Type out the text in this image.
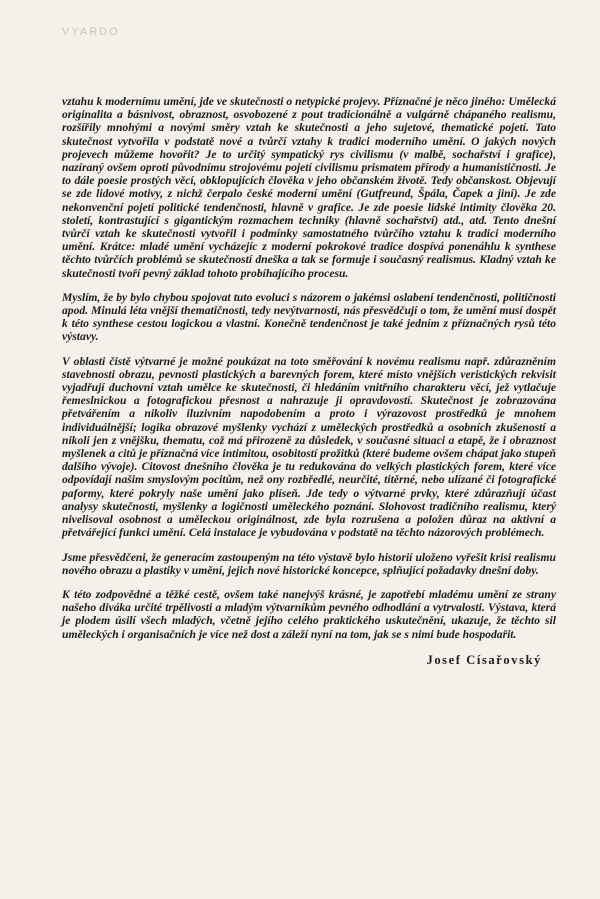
VYARDO

vztahu k modernímu umění, jde ve skutečnosti o netypické projevy. Příznačné je něco jiného: Umělecká originalita a básnivost, obraznost, osvobozené z pout tradicionálně a vulgárně chápaného realismu, rozšířily mnohými a novými směry vztah ke skutečnosti a jeho sujetové, thematické pojetí. Tato skutečnost vytvořila v podstatě nové a tvůrčí vztahy k tradici moderního umění. O jakých nových projevech můžeme hovořit? Je to určitý sympatický rys civilismu (v malbě, sochařství i grafice), nazíraný ovšem oproti původnímu strojovému pojetí civilismu prismatem přírody a humanističnosti. Je to dále poesie prostých věcí, obklopujících člověka v jeho občanském životě. Tedy občanskost. Objevují se zde lidové motivy, z nichž čerpalo české moderní umění (Gutfreund, Špála, Čapek a jiní). Je zde nekonvenční pojetí politické tendenčnosti, hlavně v grafice. Je zde poesie lidské intimity člověka 20. století, kontrastující s gigantickým rozmachem techniky (hlavně sochařství) atd., atd. Tento dnešní tvůrčí vztah ke skutečnosti vytvořil i podmínky samostatného tvůrčího vztahu k tradici moderního umění. Krátce: mladé umění vycházejíc z moderní pokrokové tradice dospívá ponenáhlu k synthese těchto tvůrčích problémů se skutečností dneška a tak se formuje i současný realismus. Kladný vztah ke skutečnosti tvoří pevný základ tohoto probíhajícího procesu.

Myslím, že by bylo chybou spojovat tuto evoluci s názorem o jakémsi oslabení tendenčnosti, političnosti apod. Minulá léta vnější thematičnosti, tedy nevýtvarnosti, nás přesvědčují o tom, že umění musí dospět k této synthese cestou logickou a vlastní. Konečně tendenčnost je také jedním z příznačných rysů této výstavy.

V oblasti čistě výtvarné je možné poukázat na toto směřování k novému realismu např. zdůrazněním stavebnosti obrazu, pevnosti plastických a barevných forem, které místo vnějších veristických rekvisit vyjadřují duchovní vztah umělce ke skutečnosti, či hledáním vnitřního charakteru věcí, jež vytlačuje řemeslnickou a fotografickou přesnost a nahrazuje ji opravdovostí. Skutečnost je zobrazována přetvářením a nikoliv iluzivním napodobením a proto i výrazovost prostředků je mnohem individuálnější; logika obrazové myšlenky vychází z uměleckých prostředků a osobních zkušeností a nikoli jen z vnějšku, thematu, což má přirozeně za důsledek, v současné situaci a etapě, že i obraznost myšlenek a citů je příznačná více intimitou, osobitostí prožitků (které budeme ovšem chápat jako stupeň dalšího vývoje). Citovost dnešního člověka je tu redukována do velkých plastických forem, které více odpovídají našim smyslovým pocitům, než ony rozbředlé, neurčité, titěrné, nebo ulízané či fotografické paformy, které pokryly naše umění jako plíseň. Jde tedy o výtvarné prvky, které zdůrazňují účast analysy skutečnosti, myšlenky a logičnosti uměleckého poznání. Slohovost tradičního realismu, který nivelisoval osobnost a uměleckou originálnost, zde byla rozrušena a položen důraz na aktivní a přetvářející funkci umění. Celá instalace je vybudována v podstatě na těchto názorových problémech.

Jsme přesvědčeni, že generacím zastoupeným na této výstavě bylo historií uloženo vyřešit krisi realismu nového obrazu a plastiky v umění, jejich nové historické koncepce, splňující požadavky dnešní doby.

K této zodpovědné a těžké cestě, ovšem také nanejvýš krásné, je zapotřebí mladému umění ze strany našeho diváka určité trpělivosti a mladým výtvarníkům pevného odhodlání a vytrvalosti. Výstava, která je plodem úsilí všech mladých, včetně jejího celého praktického uskutečnění, ukazuje, že těchto sil uměleckých i organisačních je více než dost a záleží nyní na tom, jak se s nimi bude hospodařit.

Josef Císařovský
